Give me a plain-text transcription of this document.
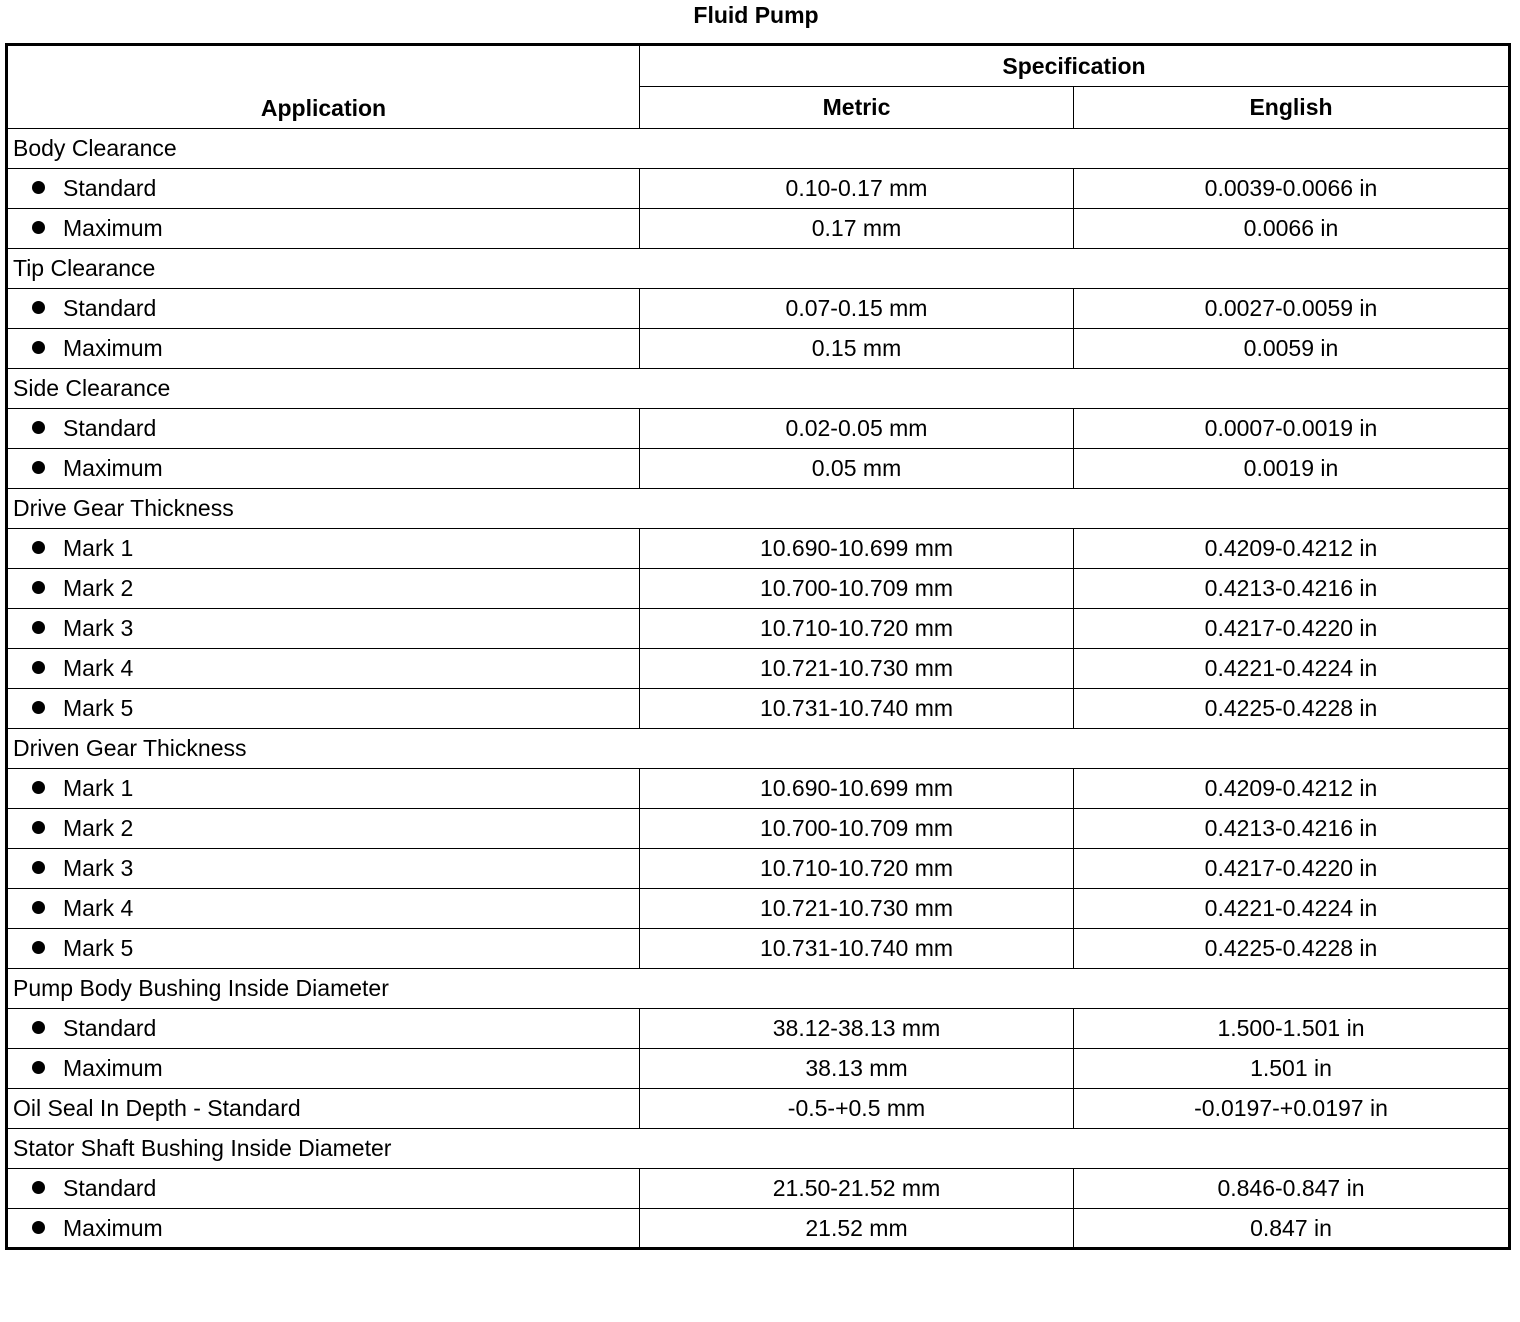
Fluid Pump
Application	Specification	
	Metric	English
Body Clearance		
Standard	0.10-0.17 mm	0.0039-0.0066 in
Maximum	0.17 mm	0.0066 in
Tip Clearance		
Standard	0.07-0.15 mm	0.0027-0.0059 in
Maximum	0.15 mm	0.0059 in
Side Clearance		
Standard	0.02-0.05 mm	0.0007-0.0019 in
Maximum	0.05 mm	0.0019 in
Drive Gear Thickness		
Mark 1	10.690-10.699 mm	0.4209-0.4212 in
Mark 2	10.700-10.709 mm	0.4213-0.4216 in
Mark 3	10.710-10.720 mm	0.4217-0.4220 in
Mark 4	10.721-10.730 mm	0.4221-0.4224 in
Mark 5	10.731-10.740 mm	0.4225-0.4228 in
Driven Gear Thickness		
Mark 1	10.690-10.699 mm	0.4209-0.4212 in
Mark 2	10.700-10.709 mm	0.4213-0.4216 in
Mark 3	10.710-10.720 mm	0.4217-0.4220 in
Mark 4	10.721-10.730 mm	0.4221-0.4224 in
Mark 5	10.731-10.740 mm	0.4225-0.4228 in
Pump Body Bushing Inside Diameter		
Standard	38.12-38.13 mm	1.500-1.501 in
Maximum	38.13 mm	1.501 in
Oil Seal In Depth - Standard	-0.5-+0.5 mm	-0.0197-+0.0197 in
Stator Shaft Bushing Inside Diameter		
Standard	21.50-21.52 mm	0.846-0.847 in
Maximum	21.52 mm	0.847 in
